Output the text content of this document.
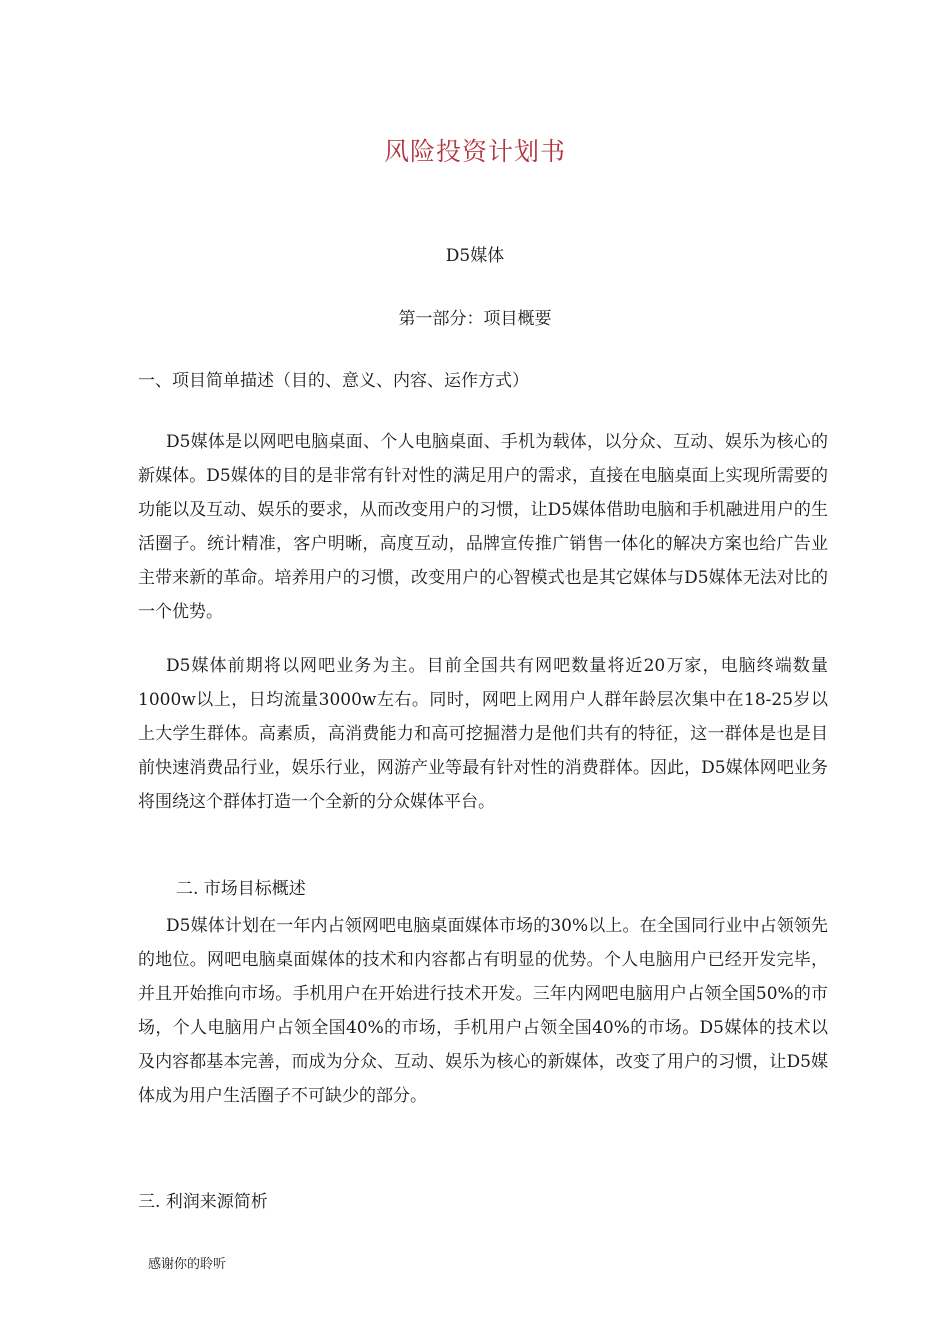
风险投资计划书
D5媒体
第一部分：项目概要
一、项目简单描述（目的、意义、内容、运作方式）
D5媒体是以网吧电脑桌面、个人电脑桌面、手机为载体，以分众、互动、娱乐为核心的新媒体。D5媒体的目的是非常有针对性的满足用户的需求，直接在电脑桌面上实现所需要的功能以及互动、娱乐的要求，从而改变用户的习惯，让D5媒体借助电脑和手机融进用户的生活圈子。统计精准，客户明晰，高度互动，品牌宣传推广销售一体化的解决方案也给广告业主带来新的革命。培养用户的习惯，改变用户的心智模式也是其它媒体与D5媒体无法对比的一个优势。
D5媒体前期将以网吧业务为主。目前全国共有网吧数量将近20万家，电脑终端数量1000w以上，日均流量3000w左右。同时，网吧上网用户人群年龄层次集中在18-25岁以上大学生群体。高素质，高消费能力和高可挖掘潜力是他们共有的特征，这一群体是也是目前快速消费品行业，娱乐行业，网游产业等最有针对性的消费群体。因此，D5媒体网吧业务将围绕这个群体打造一个全新的分众媒体平台。
二. 市场目标概述
D5媒体计划在一年内占领网吧电脑桌面媒体市场的30%以上。在全国同行业中占领领先的地位。网吧电脑桌面媒体的技术和内容都占有明显的优势。个人电脑用户已经开发完毕，并且开始推向市场。手机用户在开始进行技术开发。三年内网吧电脑用户占领全国50%的市场，个人电脑用户占领全国40%的市场，手机用户占领全国40%的市场。D5媒体的技术以及内容都基本完善，而成为分众、互动、娱乐为核心的新媒体，改变了用户的习惯，让D5媒体成为用户生活圈子不可缺少的部分。
三. 利润来源简析
感谢你的聆听
